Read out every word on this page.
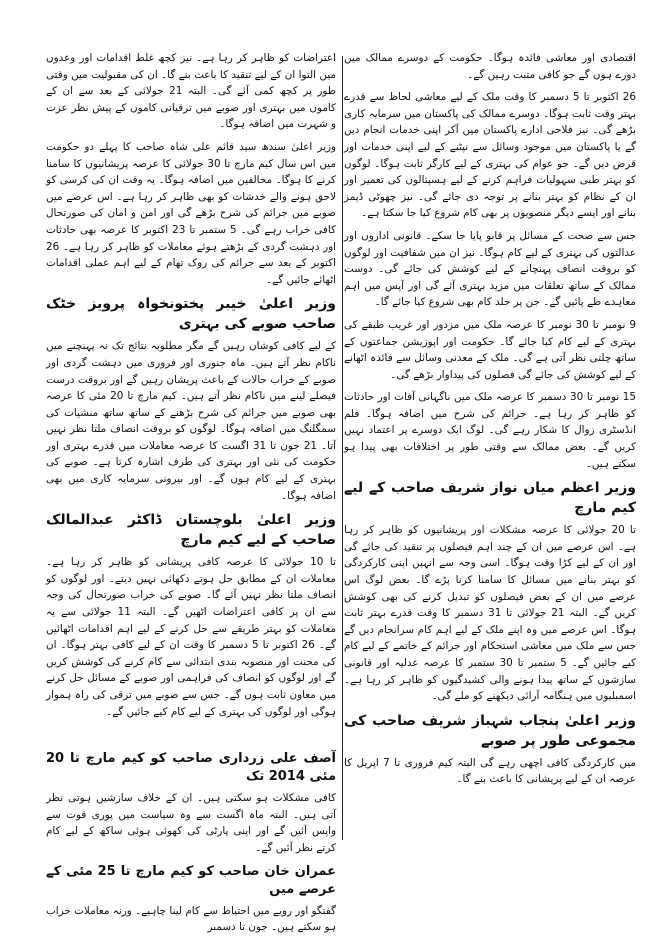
اقتصادی اور معاشی فائدہ ہوگا۔ حکومت کے دوسرے ممالک میں دورے ہوں گے جو کافی مثبت رہیں گے۔

26 اکتوبر تا 5 دسمبر کا وقت ملک کے لیے معاشی لحاظ سے قدرے بہتر وقت ثابت ہوگا۔ دوسرے ممالک کی پاکستان میں سرمایہ کاری بڑھے گی۔ نیز فلاحی ادارے پاکستان میں آکر اپنی خدمات انجام دیں گے یا پاکستان میں موجود وسائل سے نپٹنے کے لیے اپنی خدمات اور قرض دیں گے۔ جو عوام کی بہتری کے لیے کارگر ثابت ہوگا۔ لوگوں کو بہتر طبی سہولیات فراہم کرنے کے لیے ہسپتالوں کی تعمیر اور ان کے نظام کو بہتر بنانے پر توجہ دی جائے گی۔ نیز چھوٹی ڈیمز بنانے اور ایسے دیگر منصوبوں پر بھی کام شروع کیا جا سکتا ہے۔

جس سے صحت کے مسائل پر قابو پایا جا سکے۔ قانونی اداروں اور عدالتوں کی بہتری کے لیے کام ہوگا۔ نیز ان میں شفافیت اور لوگوں کو بروقت انصاف پہنچانے کے لیے کوشش کی جائے گی۔ دوست ممالک کے ساتھ تعلقات میں مزید بہتری آئے گی اور آپس میں اہم معاہدے طے پائیں گے۔ جن پر جلد کام بھی شروع کیا جائے گا۔

9 نومبر تا 30 نومبر کا عرصہ ملک میں مزدور اور غریب طبقے کی بہتری کے لیے کام کیا جائے گا۔ حکومت اور اپوزیشن جماعتوں کے ساتھ چلتی نظر آتی ہے گی۔ ملک کے معدنی وسائل سے فائدہ اٹھانے کے لیے کوشش کی جائے گی فصلوں کی پیداوار بڑھے گی۔

15 نومبر تا 30 دسمبر کا عرصہ ملک میں ناگہانی آفات اور حادثات کو ظاہر کر رہا ہے۔ جرائم کی شرح میں اضافہ ہوگا۔ فلم انڈسٹری زوال کا شکار رہے گی۔ لوگ ایک دوسرے پر اعتماد نہیں کریں گے۔ بعض ممالک سے وقتی طور پر اختلافات بھی پیدا ہو سکتے ہیں۔

وزیر اعظم میاں نواز شریف صاحب کے لیے کیم مارچ

تا 20 جولائی کا عرصہ مشکلات اور پریشانیوں کو ظاہر کر رہا ہے۔ اس عرصے میں ان کے چند اہم فیصلوں پر تنقید کی جائے گی اور ان کے لیے کڑا وقت ہوگا۔ اسی وجہ سے انہیں اپنی کارکردگی کو بہتر بنانے میں مسائل کا سامنا کرنا پڑے گا۔ بعض لوگ اس عرصے میں ان کے بعض فیصلوں کو تبدیل کرنے کی بھی کوشش کریں گے۔ البتہ 21 جولائی تا 31 دسمبر کا وقت قدرے بہتر ثابت ہوگا۔ اس عرصے میں وہ اپنے ملک کے لیے اہم کام سرانجام دیں گے جس سے ملک میں معاشی استحکام اور جرائم کے خاتمے کے لیے کام کیے جائیں گے۔ 5 ستمبر تا 30 ستمبر کا عرصہ عدلیہ اور قانونی سازشوں کے ساتھ پیدا ہونے والی کشیدگیوں کو ظاہر کر رہا ہے۔ اسمبلیوں میں ہنگامہ آرائی دیکھنے کو ملے گی۔

وزیر اعلیٰ پنجاب شہباز شریف صاحب کی مجموعی طور پر صوبے

میں کارکردگی کافی اچھی رہے گی البتہ کیم فروری تا 7 اپریل کا عرصہ ان کے لیے پریشانی کا باعث بنے گا۔

اعتراضات کو ظاہر کر رہا ہے۔ نیز کچھ غلط اقدامات اور وعدوں میں التوا ان کے لیے تنقید کا باعث بنے گا۔ ان کی مقبولیت میں وقتی طور پر کچھ کمی آئے گی۔ البتہ 21 جولائی کے بعد سے ان کے کاموں میں بہتری اور صوبے میں ترقیاتی کاموں کے پیش نظر عزت و شہرت میں اضافہ ہوگا۔

وزیر اعلیٰ سندھ سید قائم علی شاہ صاحب کا پہلے دو حکومت میں اس سال کیم مارچ تا 30 جولائی کا عرصہ پریشانیوں کا سامنا کرنے کا ہوگا۔ مخالفین میں اضافہ ہوگا۔ یہ وقت ان کی کرسی کو لاحق ہونے والے خدشات کو بھی ظاہر کر رہا ہے۔ اس عرصے میں صوبے میں جرائم کی شرح بڑھے گی اور امن و امان کی صورتحال کافی خراب رہے گی۔ 5 ستمبر تا 23 اکتوبر کا عرصہ بھی حادثات اور دہشت گردی کے بڑھتے ہوئے معاملات کو ظاہر کر رہا ہے۔ 26 اکتوبر کے بعد سے جرائم کی روک تھام کے لیے اہم عملی اقدامات اٹھائے جائیں گے۔

وزیر اعلیٰ خیبر پختونخواہ پرویز خٹک صاحب صوبے کی بہتری

کے لیے کافی کوشاں رہیں گے مگر مطلوبہ نتائج تک نہ پہنچنے میں ناکام نظر آتے ہیں۔ ماہ جنوری اور فروری میں دہشت گردی اور صوبے کے خراب حالات کے باعث پریشان رہیں گے اور بروقت درست فیصلے لینے میں ناکام نظر آتے ہیں۔ کیم مارچ تا 20 مئی کا عرصہ بھی صوبے میں جرائم کی شرح بڑھنے کے ساتھ ساتھ منشیات کی سمگلنگ میں اضافہ ہوگا۔ لوگوں کو بروقت انصاف ملتا نظر نہیں آتا۔ 21 جون تا 31 اگست کا عرصہ معاملات میں قدرے بہتری اور حکومت کی نئی اور بہتری کی طرف اشارہ کرتا ہے۔ صوبے کی بہتری کے لیے کام ہوں گے۔ اور بیرونی سرمایہ کاری میں بھی اضافہ ہوگا۔

وزیر اعلیٰ بلوچستان ڈاکٹر عبدالمالک صاحب کے لیے کیم مارچ

تا 10 جولائی کا عرصہ کافی پریشانی کو ظاہر کر رہا ہے۔ معاملات ان کے مطابق حل ہوتے دکھائی نہیں دیتے۔ اور لوگوں کو انصاف ملتا نظر نہیں آئے گا۔ صوبے کی خراب صورتحال کی وجہ سے ان پر کافی اعتراضات اٹھیں گے۔ البتہ 11 جولائی سے یہ معاملات کو بہتر طریقے سے حل کرنے کے لیے اہم اقدامات اٹھائیں گے۔ 26 اکتوبر تا 5 دسمبر کا وقت ان کے لیے کافی بہتر ہوگا۔ ان کی محنت اور منصوبہ بندی ابتدائی سے کام کرنے کی کوشش کریں گے اور لوگوں کو انصاف کی فراہمی اور صوبے کے مسائل حل کرنے میں معاون ثابت ہوں گے۔ جس سے صوبے میں ترقی کی راہ ہموار ہوگی اور لوگوں کی بہتری کے لیے کام کیے جائیں گے۔

آصف علی زرداری صاحب کو کیم مارچ تا 20 مئی 2014 تک

کافی مشکلات ہو سکتی ہیں۔ ان کے خلاف سازشیں ہوتی نظر آتی ہیں۔ البتہ ماہ اگست سے وہ سیاست میں پوری قوت سے واپس آئیں گے اور اپنی پارٹی کی کھوئی ہوئی ساکھ کے لیے کام کرتے نظر آئیں گے۔

عمران خان صاحب کو کیم مارچ تا 25 مئی کے عرصے میں

گفتگو اور رویے میں احتیاط سے کام لینا چاہیے۔ ورنہ معاملات خراب ہو سکتے ہیں۔ جون تا دسمبر
